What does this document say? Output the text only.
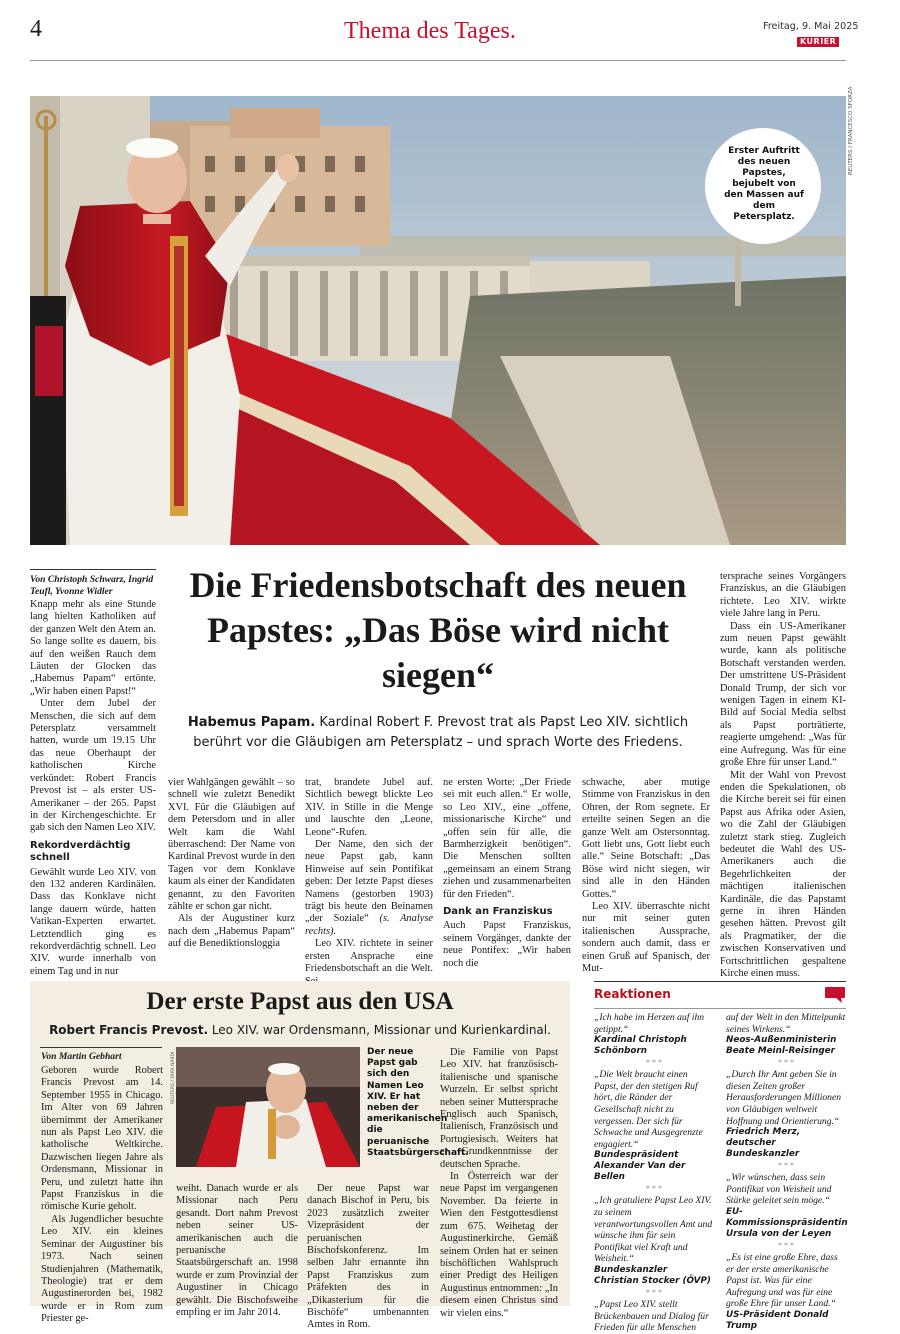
4	Thema des Tages.	Freitag, 9. Mai 2025
KURIER
REUTERS / FRANCESCO SFORZA
Erster Auftritt des neuen Papstes, bejubelt von den Massen auf dem Petersplatz.
Von Christoph Schwarz, Ingrid Teufl, Yvonne Widler

Knapp mehr als eine Stunde lang hielten Katholiken auf der ganzen Welt den Atem an. So lange sollte es dauern, bis auf den weißen Rauch dem Läuten der Glocken das „Habemus Papam“ ertönte. „Wir haben einen Papst!“

Unter dem Jubel der Menschen, die sich auf dem Petersplatz versammelt hatten, wurde um 19.15 Uhr das neue Oberhaupt der katholischen Kirche verkündet: Robert Francis Prevost ist – als erster US-Amerikaner – der 265. Papst in der Kirchengeschichte. Er gab sich den Namen Leo XIV.

Rekordverdächtig schnell

Gewählt wurde Leo XIV. von den 132 anderen Kardinälen. Dass das Konklave nicht lange dauern würde, hatten Vatikan-Experten erwartet. Letztendlich ging es rekordverdächtig schnell. Leo XIV. wurde innerhalb von einem Tag und in nur

Die Friedensbotschaft des neuen Papstes: „Das Böse wird nicht siegen“
Habemus Papam. Kardinal Robert F. Prevost trat als Papst Leo XIV. sichtlich berührt vor die Gläubigen am Petersplatz – und sprach Worte des Friedens.

vier Wahlgängen gewählt – so schnell wie zuletzt Benedikt XVI. Für die Gläubigen auf dem Petersdom und in aller Welt kam die Wahl überraschend: Der Name von Kardinal Prevost wurde in den Tagen vor dem Konklave kaum als einer der Kandidaten genannt, zu den Favoriten zählte er schon gar nicht.

Als der Augustiner kurz nach dem „Habemus Papam“ auf die Benediktionsloggia

trat, brandete Jubel auf. Sichtlich bewegt blickte Leo XIV. in Stille in die Menge und lauschte den „Leone, Leone“-Rufen.

Der Name, den sich der neue Papst gab, kann Hinweise auf sein Pontifikat geben: Der letzte Papst dieses Namens (gestorben 1903) trägt bis heute den Beinamen „der Soziale“ (s. Analyse rechts).

Leo XIV. richtete in seiner ersten Ansprache eine Friedensbotschaft an die Welt.

ne ersten Worte: „Der Friede sei mit euch allen.“ Er wolle, so Leo XIV., eine „offene, missionarische Kirche“ und „offen sein für alle, die Barmherzigkeit benötigen“. Die Menschen sollten „gemeinsam an einem Strang ziehen und zusammenarbeiten für den Frieden“.

Dank an Franziskus

Auch Papst Franziskus, seinem Vorgänger, dankte der neue Pontifex: „Wir haben noch die

schwache, aber mutige Stimme von Franziskus in den Ohren, der Rom segnete. Er erteilte seinen Segen an die ganze Welt am Ostersonntag. Gott liebt uns, Gott liebt euch alle.“ Seine Botschaft: „Das Böse wird nicht siegen, wir sind alle in den Händen Gottes.“

Leo XIV. überraschte nicht nur mit seiner guten italienischen Aussprache, sondern auch damit, dass er einen Gruß auf Spanisch, der Mut-

tersprache seines Vorgängers Franziskus, an die Gläubigen richtete. Leo XIV. wirkte viele Jahre lang in Peru.

Dass ein US-Amerikaner zum neuen Papst gewählt wurde, kann als politische Botschaft verstanden werden. Der umstrittene US-Präsident Donald Trump, der sich vor wenigen Tagen in einem KI-Bild auf Social Media selbst als Papst porträtierte, reagierte umgehend: „Was für eine Aufregung. Was für eine große Ehre für unser Land.“

Mit der Wahl von Prevost enden die Spekulationen, ob die Kirche bereit sei für einen Papst aus Afrika oder Asien, wo die Zahl der Gläubigen zuletzt stark stieg. Zugleich bedeutet die Wahl des US-Amerikaners auch die Begehrlichkeiten der mächtigen italienischen Kardinäle, die das Papstamt gerne in ihren Händen gesehen hätten. Prevost gilt als Pragmatiker, der die zwischen Konservativen und Fortschrittlichen gespaltene Kirche einen muss.

Der erste Papst aus den USA
Robert Francis Prevost. Leo XIV. war Ordensmann, Missionar und Kurienkardinal.
Von Martin Gebhart

Geboren wurde Robert Francis Prevost am 14. September 1955 in Chicago. Im Alter von 69 Jahren übernimmt der Amerikaner nun als Papst Leo XIV. die katholische Weltkirche. Dazwischen liegen Jahre als Ordensmann, Missionar in Peru, und zuletzt hatte ihn Papst Franziskus in die römische Kurie geholt.

Als Jugendlicher besuchte Leo XIV. ein kleines Seminar der Augustiner bis 1973. Nach seinen Studienjahren (Mathematik, Theologie) trat er dem Augustinerorden bei, 1982 wurde er in Rom zum Priester ge-

REUTERS / YARA NARDI	Der neue Papst gab sich den Namen Leo XIV. Er hat neben der amerikanischen die peruanische Staatsbürgerschaft.

weiht. Danach wurde er als Missionar nach Peru gesandt. Dort nahm Prevost neben seiner US-amerikanischen auch die peruanische Staatsbürgerschaft an. 1998 wurde er zum Provinzial der Augustiner in Chicago gewählt. Die Bischofsweihe empfing er im Jahr 2014.

Der neue Papst war danach Bischof in Peru, bis 2023 zusätzlich zweiter Vizepräsident der peruanischen Bischofskonferenz. Im selben Jahr ernannte ihn Papst Franziskus zum Präfekten des in „Dikasterium für die Bischöfe“ umbenannten Amtes in Rom.

Die Familie von Papst Leo XIV. hat französisch-italienische und spanische Wurzeln. Er selbst spricht neben seiner Muttersprache Englisch auch Spanisch, Italienisch, Französisch und Portugiesisch. Weiters hat er Grundkenntnisse der deutschen Sprache.

In Österreich war der neue Papst im vergangenen November. Da feierte in Wien den Festgottesdienst zum 675. Weihetag der Augustinerkirche. Gemäß seinem Orden hat er seinen bischöflichen Wahlspruch einer Predigt des Heiligen Augustinus entnommen: „In diesem einen Christus sind wir vielen eins.“

Reaktionen
„Ich habe im Herzen auf ihn getippt.“
Kardinal Christoph Schönborn
* * *
„Die Welt braucht einen Papst, der den stetigen Ruf hört, die Ränder der Gesellschaft nicht zu vergessen. Der sich für Schwache und Ausgegrenzte engagiert.“
Bundespräsident Alexander Van der Bellen
* * *
„Ich gratuliere Papst Leo XIV. zu seinem verantwortungsvollen Amt und wünsche ihm für sein Pontifikat viel Kraft und Weisheit.“
Bundeskanzler Christian Stocker (ÖVP)
* * *
„Papst Leo XIV. stellt Brückenbauen und Dialog für Frieden für alle Menschen
auf der Welt in den Mittelpunkt seines Wirkens.“
Neos-Außenministerin Beate Meinl-Reisinger
* * *
„Durch Ihr Amt geben Sie in diesen Zeiten großer Herausforderungen Millionen von Gläubigen weltweit Hoffnung und Orientierung.“
Friedrich Merz, deutscher Bundeskanzler
* * *
„Wir wünschen, dass sein Pontifikat von Weisheit und Stärke geleitet sein möge.“
EU-Kommissionspräsidentin Ursula von der Leyen
* * *
„Es ist eine große Ehre, dass er der erste amerikanische Papst ist. Was für eine Aufregung und was für eine große Ehre für unser Land.“
US-Präsident Donald Trump
